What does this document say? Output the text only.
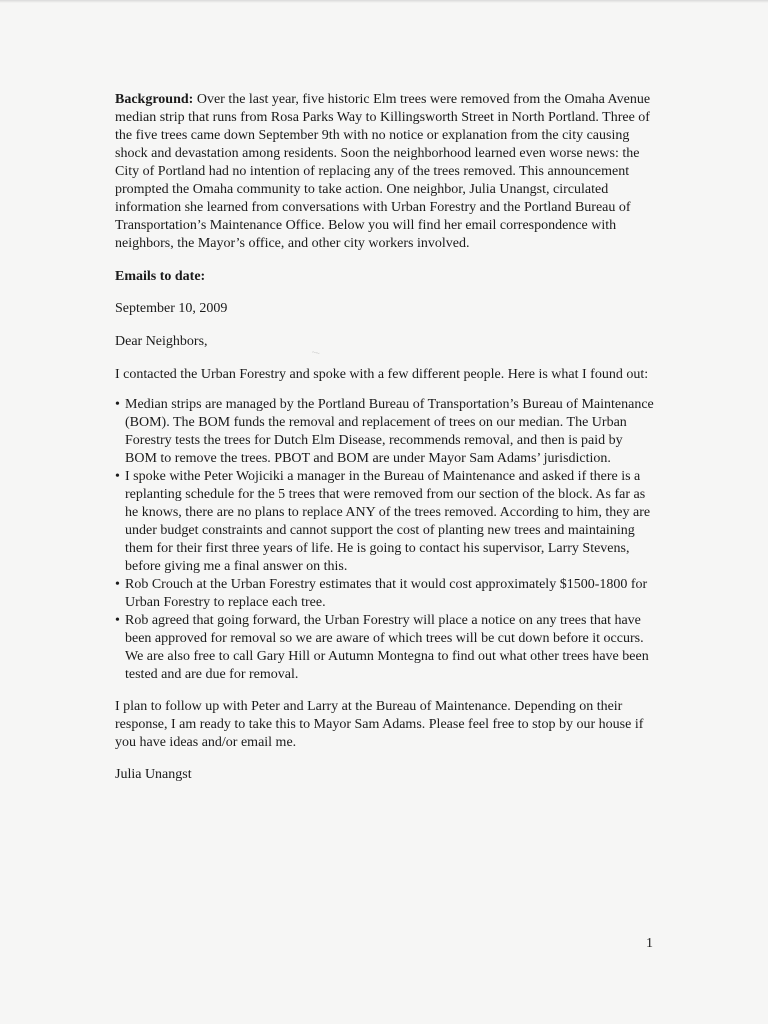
~~

Background: Over the last year, five historic Elm trees were removed from the Omaha Avenue median strip that runs from Rosa Parks Way to Killingsworth Street in North Portland. Three of the five trees came down September 9th with no notice or explanation from the city causing shock and devastation among residents. Soon the neighborhood learned even worse news: the City of Portland had no intention of replacing any of the trees removed. This announcement prompted the Omaha community to take action. One neighbor, Julia Unangst, circulated information she learned from conversations with Urban Forestry and the Portland Bureau of Transportation’s Maintenance Office. Below you will find her email correspondence with neighbors, the Mayor’s office, and other city workers involved.

Emails to date:

September 10, 2009

Dear Neighbors,

I contacted the Urban Forestry and spoke with a few different people. Here is what I found out:

• Median strips are managed by the Portland Bureau of Transportation’s Bureau of Maintenance (BOM). The BOM funds the removal and replacement of trees on our median. The Urban Forestry tests the trees for Dutch Elm Disease, recommends removal, and then is paid by BOM to remove the trees. PBOT and BOM are under Mayor Sam Adams’ jurisdiction.
• I spoke withe Peter Wojiciki a manager in the Bureau of Maintenance and asked if there is a replanting schedule for the 5 trees that were removed from our section of the block. As far as he knows, there are no plans to replace ANY of the trees removed. According to him, they are under budget constraints and cannot support the cost of planting new trees and maintaining them for their first three years of life. He is going to contact his supervisor, Larry Stevens, before giving me a final answer on this.
• Rob Crouch at the Urban Forestry estimates that it would cost approximately $1500-1800 for Urban Forestry to replace each tree.
• Rob agreed that going forward, the Urban Forestry will place a notice on any trees that have been approved for removal so we are aware of which trees will be cut down before it occurs. We are also free to call Gary Hill or Autumn Montegna to find out what other trees have been tested and are due for removal.

I plan to follow up with Peter and Larry at the Bureau of Maintenance. Depending on their response, I am ready to take this to Mayor Sam Adams. Please feel free to stop by our house if you have ideas and/or email me.

Julia Unangst

1
